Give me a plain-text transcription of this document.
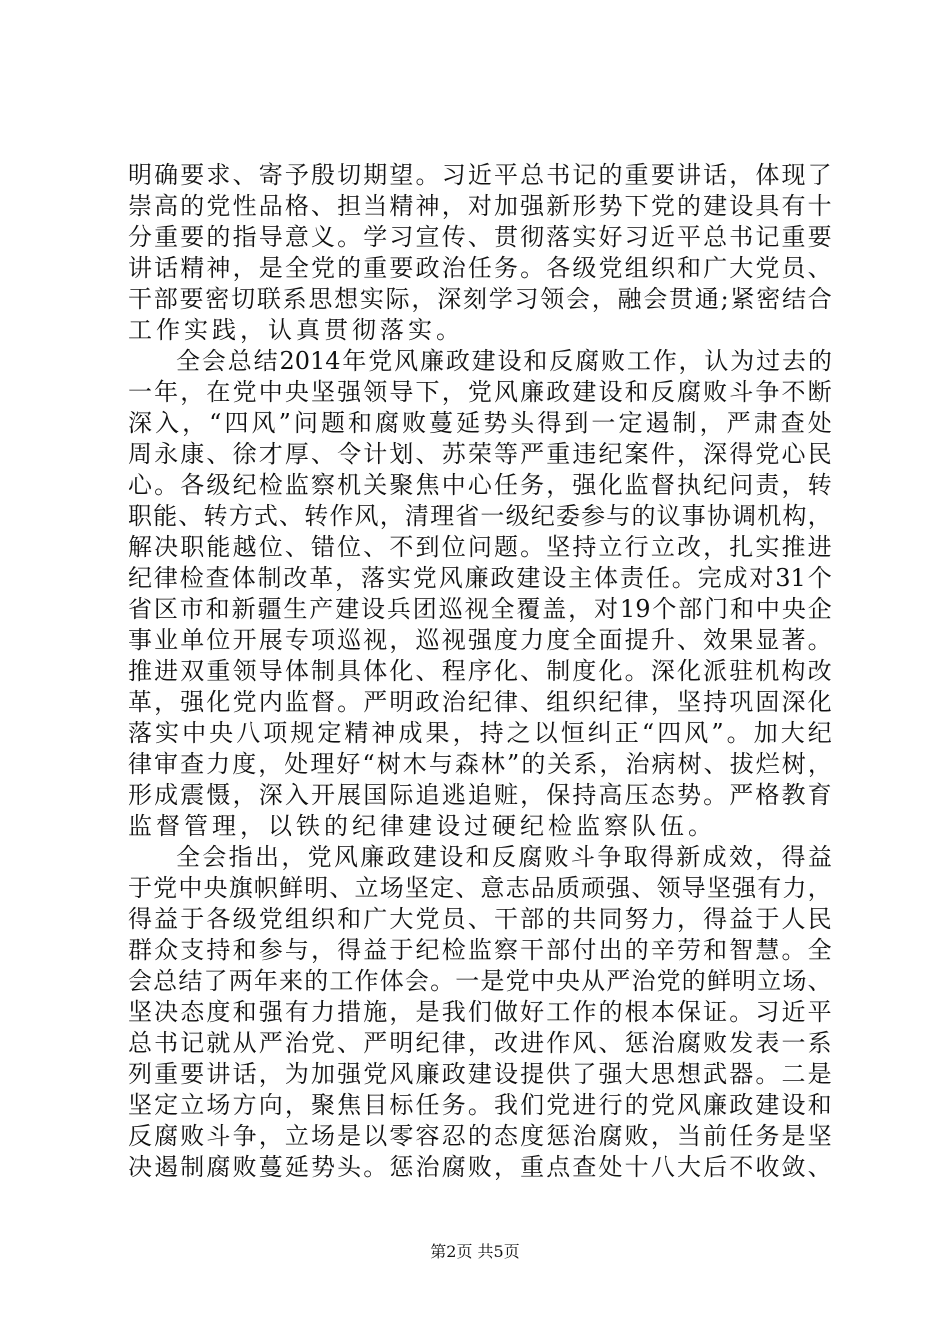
明 确 要 求 、 寄 予 殷 切 期 望 。 习 近 平 总 书 记 的 重 要 讲 话 ， 体 现 了
崇 高 的 党 性 品 格 、 担 当 精 神 ， 对 加 强 新 形 势 下 党 的 建 设 具 有 十
分 重 要 的 指 导 意 义 。 学 习 宣 传 、 贯 彻 落 实 好 习 近 平 总 书 记 重 要
讲 话 精 神 ， 是 全 党 的 重 要 政 治 任 务 。 各 级 党 组 织 和 广 大 党 员 、
干 部 要 密 切 联 系 思 想 实 际 ， 深 刻 学 习 领 会 ， 融 会 贯 通 ; 紧 密 结 合
工作实践，认真贯彻落实。
全 会 总 结 2014 年 党 风 廉 政 建 设 和 反 腐 败 工 作 ， 认 为 过 去 的
一 年 ， 在 党 中 央 坚 强 领 导 下 ， 党 风 廉 政 建 设 和 反 腐 败 斗 争 不 断
深 入 ， “ 四 风 ” 问 题 和 腐 败 蔓 延 势 头 得 到 一 定 遏 制 ， 严 肃 查 处
周 永 康 、 徐 才 厚 、 令 计 划 、 苏 荣 等 严 重 违 纪 案 件 ， 深 得 党 心 民
心 。 各 级 纪 检 监 察 机 关 聚 焦 中 心 任 务 ， 强 化 监 督 执 纪 问 责 ， 转
职 能 、 转 方 式 、 转 作 风 ， 清 理 省 一 级 纪 委 参 与 的 议 事 协 调 机 构 ，
解 决 职 能 越 位 、 错 位 、 不 到 位 问 题 。 坚 持 立 行 立 改 ， 扎 实 推 进
纪 律 检 查 体 制 改 革 ， 落 实 党 风 廉 政 建 设 主 体 责 任 。 完 成 对 31 个
省 区 市 和 新 疆 生 产 建 设 兵 团 巡 视 全 覆 盖 ， 对 19 个 部 门 和 中 央 企
事 业 单 位 开 展 专 项 巡 视 ， 巡 视 强 度 力 度 全 面 提 升 、 效 果 显 著 。
推 进 双 重 领 导 体 制 具 体 化 、 程 序 化 、 制 度 化 。 深 化 派 驻 机 构 改
革 ， 强 化 党 内 监 督 。 严 明 政 治 纪 律 、 组 织 纪 律 ， 坚 持 巩 固 深 化
落 实 中 央 八 项 规 定 精 神 成 果 ， 持 之 以 恒 纠 正 “ 四 风 ” 。 加 大 纪
律 审 查 力 度 ， 处 理 好 “ 树 木 与 森 林 ” 的 关 系 ， 治 病 树 、 拔 烂 树 ，
形 成 震 慑 ， 深 入 开 展 国 际 追 逃 追 赃 ， 保 持 高 压 态 势 。 严 格 教 育
监督管理，以铁的纪律建设过硬纪检监察队伍。
全 会 指 出 ， 党 风 廉 政 建 设 和 反 腐 败 斗 争 取 得 新 成 效 ， 得 益
于 党 中 央 旗 帜 鲜 明 、 立 场 坚 定 、 意 志 品 质 顽 强 、 领 导 坚 强 有 力 ，
得 益 于 各 级 党 组 织 和 广 大 党 员 、 干 部 的 共 同 努 力 ， 得 益 于 人 民
群 众 支 持 和 参 与 ， 得 益 于 纪 检 监 察 干 部 付 出 的 辛 劳 和 智 慧 。 全
会 总 结 了 两 年 来 的 工 作 体 会 。 一 是 党 中 央 从 严 治 党 的 鲜 明 立 场 、
坚 决 态 度 和 强 有 力 措 施 ， 是 我 们 做 好 工 作 的 根 本 保 证 。 习 近 平
总 书 记 就 从 严 治 党 、 严 明 纪 律 ， 改 进 作 风 、 惩 治 腐 败 发 表 一 系
列 重 要 讲 话 ， 为 加 强 党 风 廉 政 建 设 提 供 了 强 大 思 想 武 器 。 二 是
坚 定 立 场 方 向 ， 聚 焦 目 标 任 务 。 我 们 党 进 行 的 党 风 廉 政 建 设 和
反 腐 败 斗 争 ， 立 场 是 以 零 容 忍 的 态 度 惩 治 腐 败 ， 当 前 任 务 是 坚
决 遏 制 腐 败 蔓 延 势 头 。 惩 治 腐 败 ， 重 点 查 处 十 八 大 后 不 收 敛 、
第2页 共5页
